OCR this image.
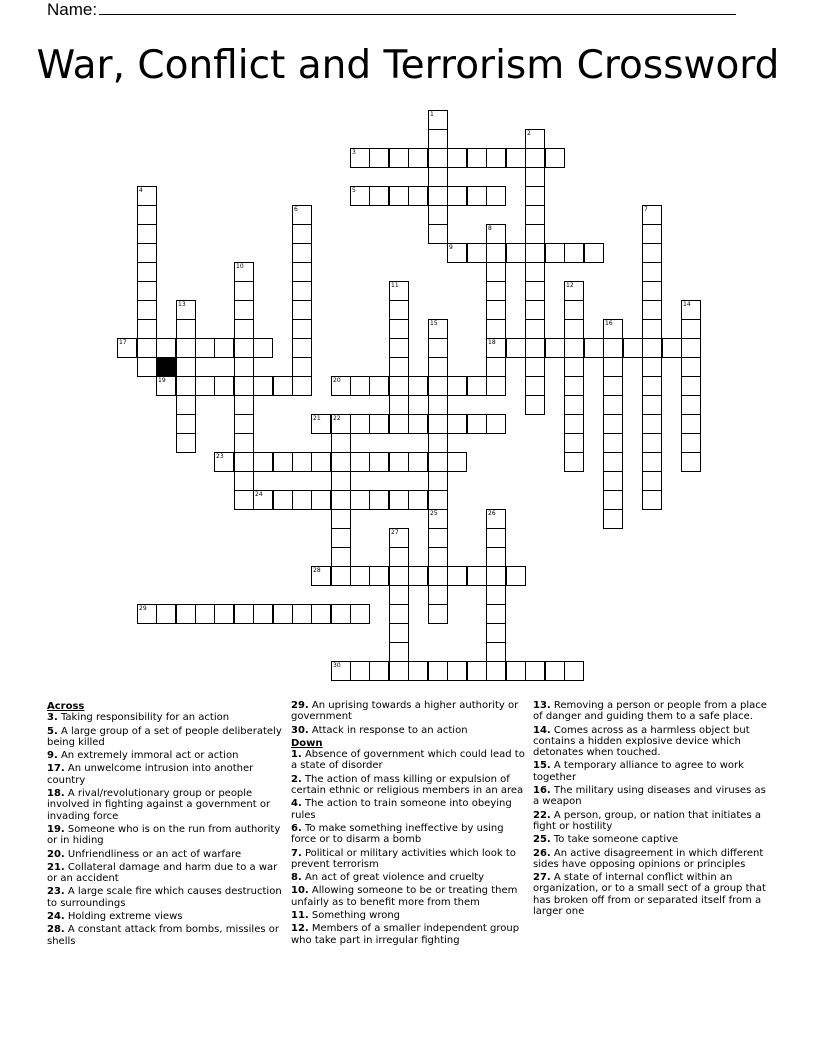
Name:
War, Conflict and Terrorism Crossword
1
2
3
5
4
6	7
8
18
9
10
11	12
13	14
15	16
17
19	20
21 22
23
24
25	26
27
28
29
30
Across
3. Taking responsibility for an action
5. A large group of a set of people deliberately being killed
9. An extremely immoral act or action
17. An unwelcome intrusion into another country
18. A rival/revolutionary group or people involved in fighting against a government or invading force
19. Someone who is on the run from authority or in hiding
20. Unfriendliness or an act of warfare
21. Collateral damage and harm due to a war or an accident
23. A large scale fire which causes destruction to surroundings
24. Holding extreme views
28. A constant attack from bombs, missiles or shells
29. An uprising towards a higher authority or government
30. Attack in response to an action
Down
1. Absence of government which could lead to a state of disorder
2. The action of mass killing or expulsion of certain ethnic or religious members in an area
4. The action to train someone into obeying rules
6. To make something ineffective by using force or to disarm a bomb
7. Political or military activities which look to prevent terrorism
8. An act of great violence and cruelty
10. Allowing someone to be or treating them unfairly as to benefit more from them
11. Something wrong
12. Members of a smaller independent group who take part in irregular fighting
13. Removing a person or people from a place of danger and guiding them to a safe place.
14. Comes across as a harmless object but contains a hidden explosive device which detonates when touched.
15. A temporary alliance to agree to work together
16. The military using diseases and viruses as a weapon
22. A person, group, or nation that initiates a fight or hostility
25. To take someone captive
26. An active disagreement in which different sides have opposing opinions or principles
27. A state of internal conflict within an organization, or to a small sect of a group that has broken off from or separated itself from a larger one
